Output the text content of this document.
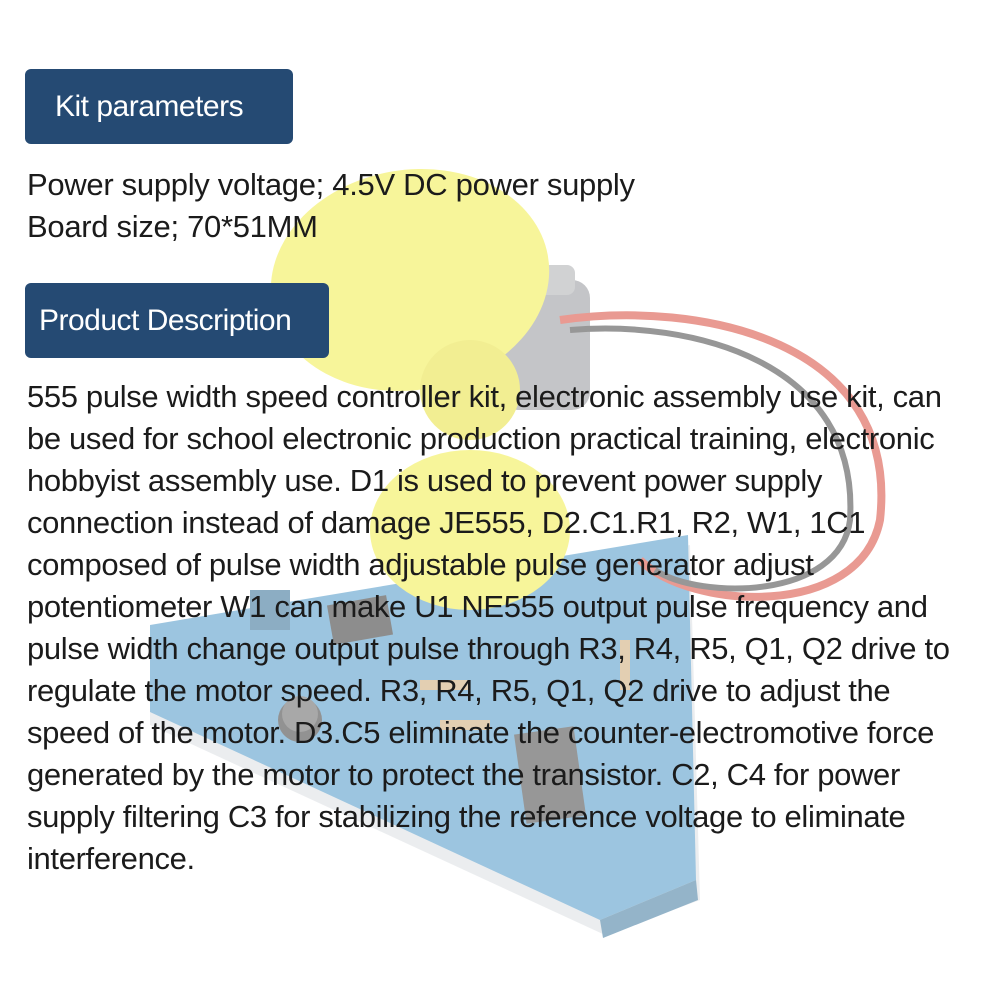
Kit parameters
Power supply voltage; 4.5V DC power supply
Board size; 70*51MM
Product Description

555 pulse width speed controller kit, electronic assembly use kit, can be used for school electronic production practical training, electronic hobbyist assembly use. D1 is used to prevent power supply connection instead of damage JE555, D2.C1.R1, R2, W1, 1C1 composed of pulse width adjustable pulse generator adjust potentiometer W1 can make U1 NE555 output pulse frequency and pulse width change output pulse through R3, R4, R5, Q1, Q2 drive to regulate the motor speed. R3, R4, R5, Q1, Q2 drive to adjust the speed of the motor. D3.C5 eliminate the counter-electromotive force generated by the motor to protect the transistor. C2, C4 for power supply filtering C3 for stabilizing the reference voltage to eliminate interference.
